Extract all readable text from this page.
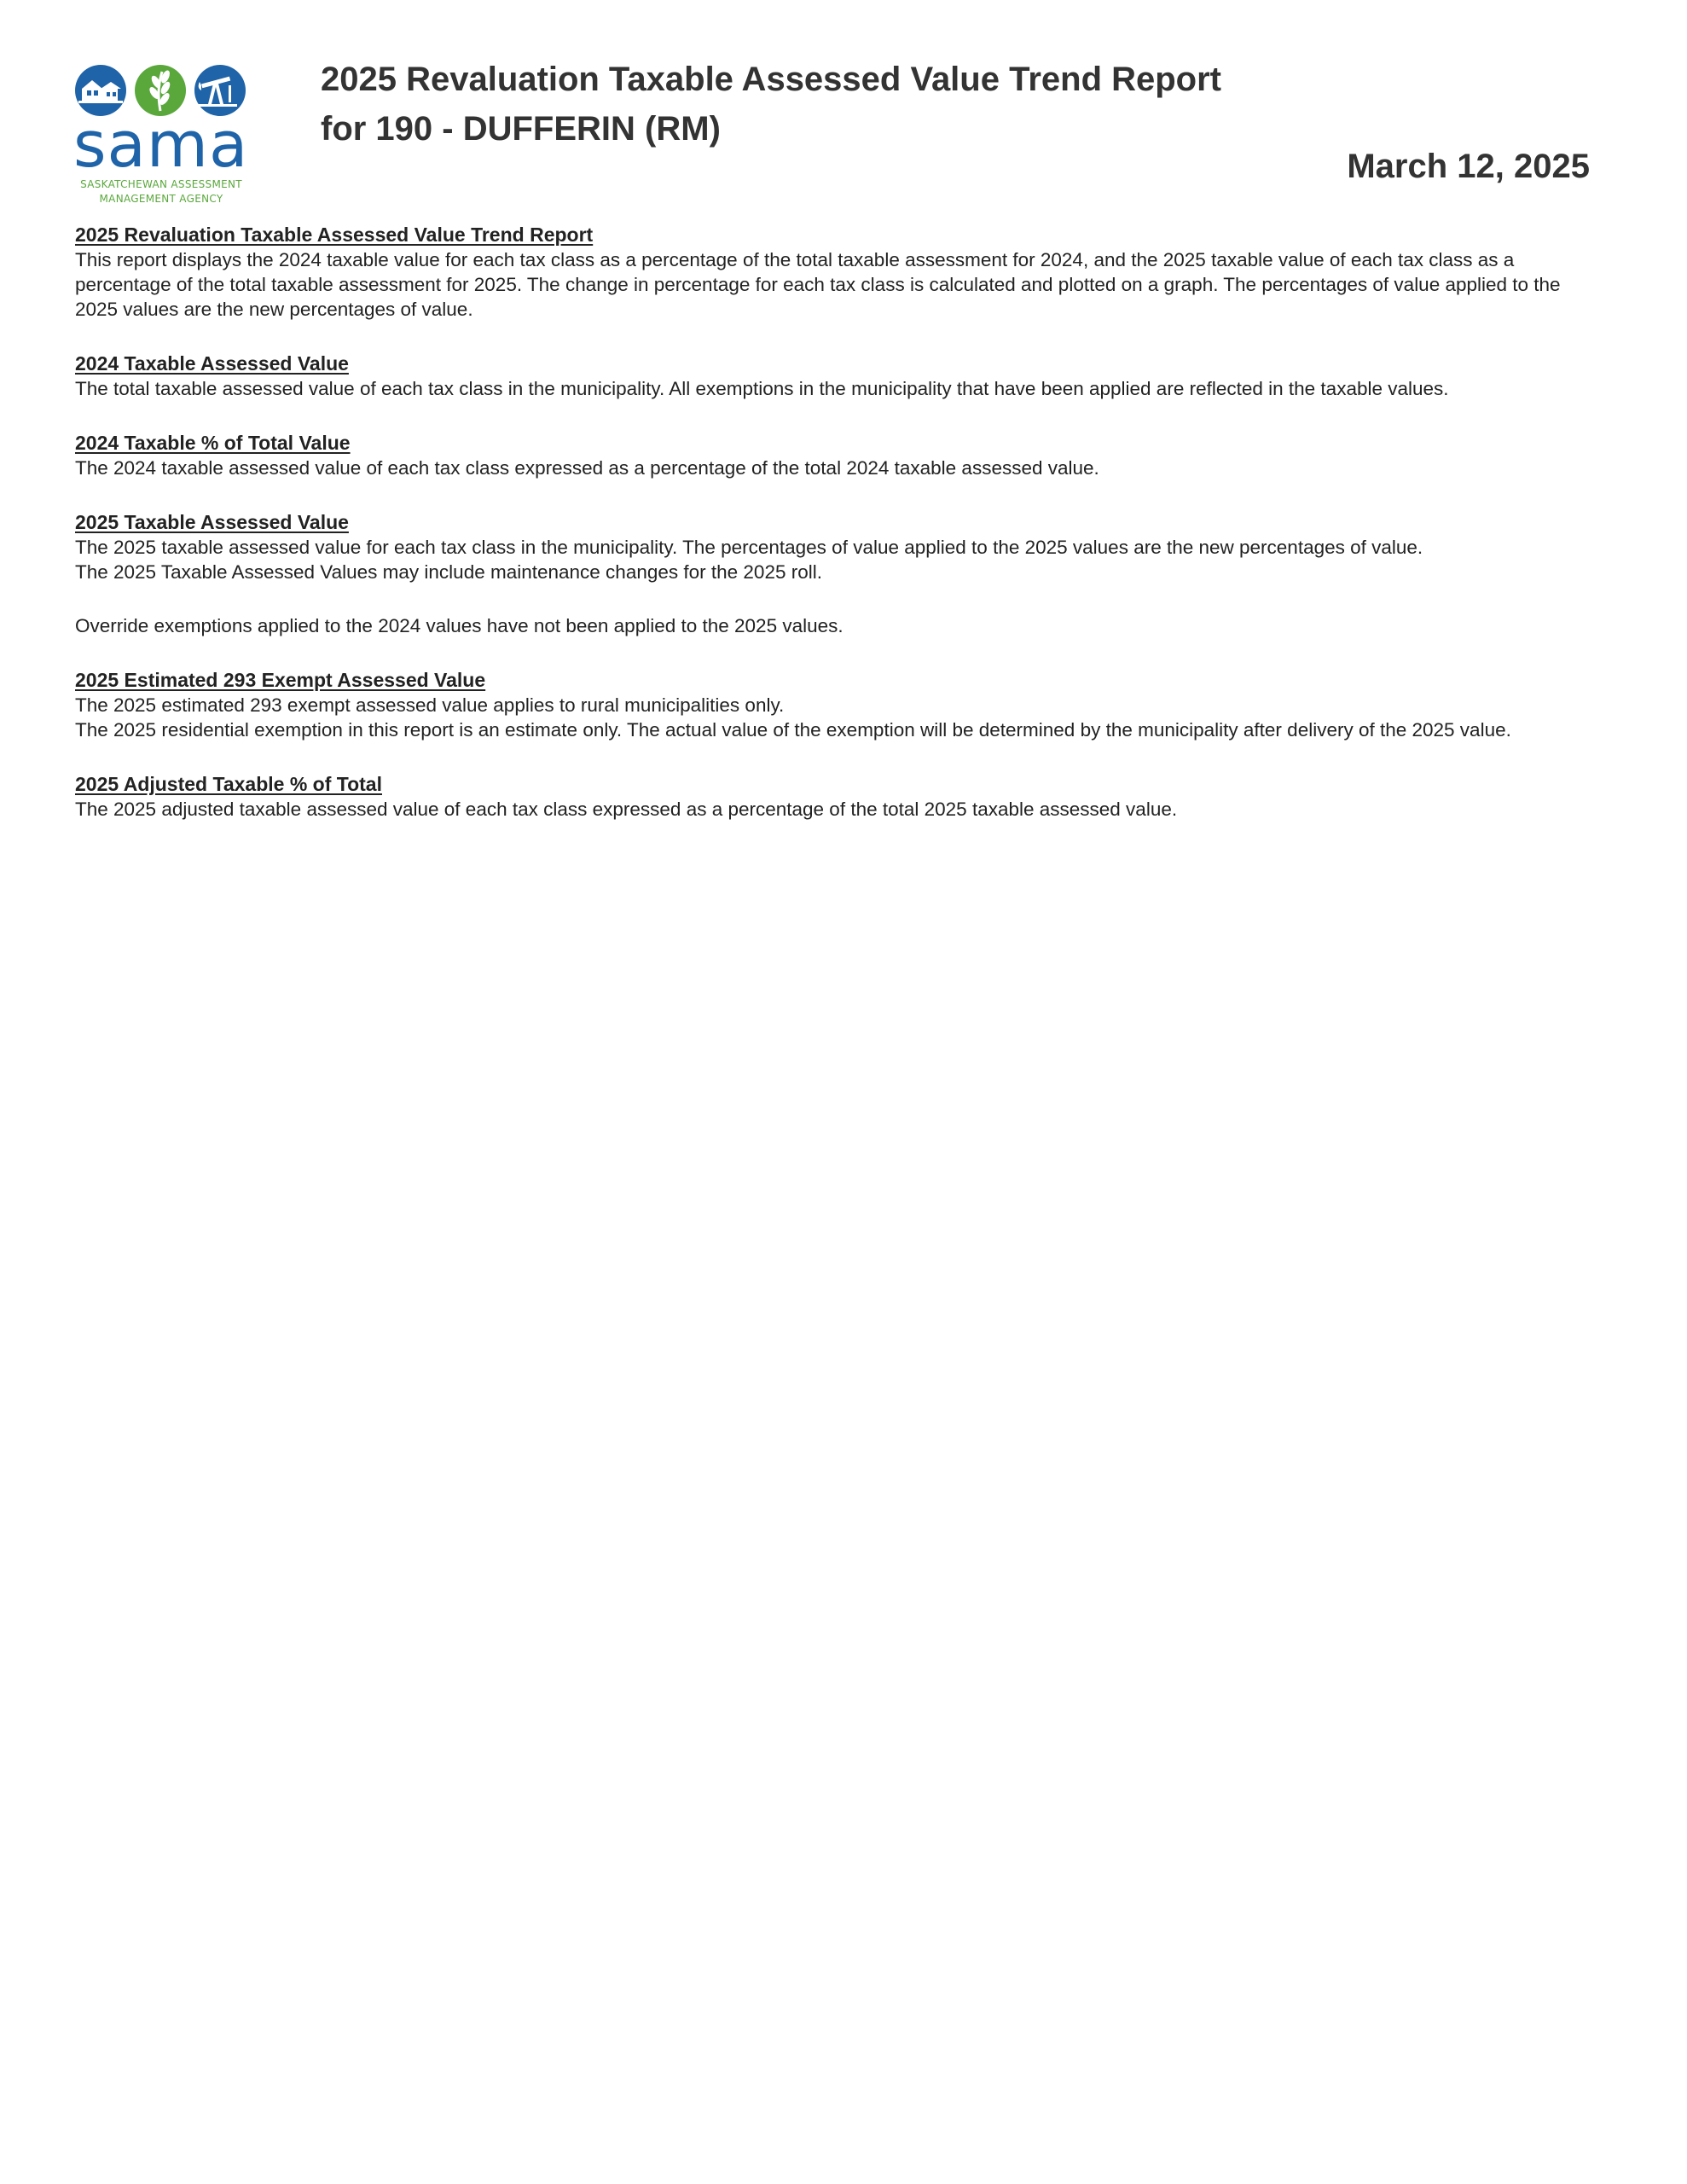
sama
SASKATCHEWAN ASSESSMENT
MANAGEMENT AGENCY
2025 Revaluation Taxable Assessed Value Trend Report
for 190 - DUFFERIN (RM)
March 12, 2025
2025 Revaluation Taxable Assessed Value Trend Report

This report displays the 2024 taxable value for each tax class as a percentage of the total taxable assessment for 2024, and the 2025 taxable value of each tax class as a percentage of the total taxable assessment for 2025. The change in percentage for each tax class is calculated and plotted on a graph. The percentages of value applied to the 2025 values are the new percentages of value.

2024 Taxable Assessed Value

The total taxable assessed value of each tax class in the municipality. All exemptions in the municipality that have been applied are reflected in the taxable values.

2024 Taxable % of Total Value

The 2024 taxable assessed value of each tax class expressed as a percentage of the total 2024 taxable assessed value.

2025 Taxable Assessed Value

The 2025 taxable assessed value for each tax class in the municipality. The percentages of value applied to the 2025 values are the new percentages of value.

The 2025 Taxable Assessed Values may include maintenance changes for the 2025 roll.

Override exemptions applied to the 2024 values have not been applied to the 2025 values.

2025 Estimated 293 Exempt Assessed Value

The 2025 estimated 293 exempt assessed value applies to rural municipalities only.

The 2025 residential exemption in this report is an estimate only. The actual value of the exemption will be determined by the municipality after delivery of the 2025 value.

2025 Adjusted Taxable % of Total

The 2025 adjusted taxable assessed value of each tax class expressed as a percentage of the total 2025 taxable assessed value.
